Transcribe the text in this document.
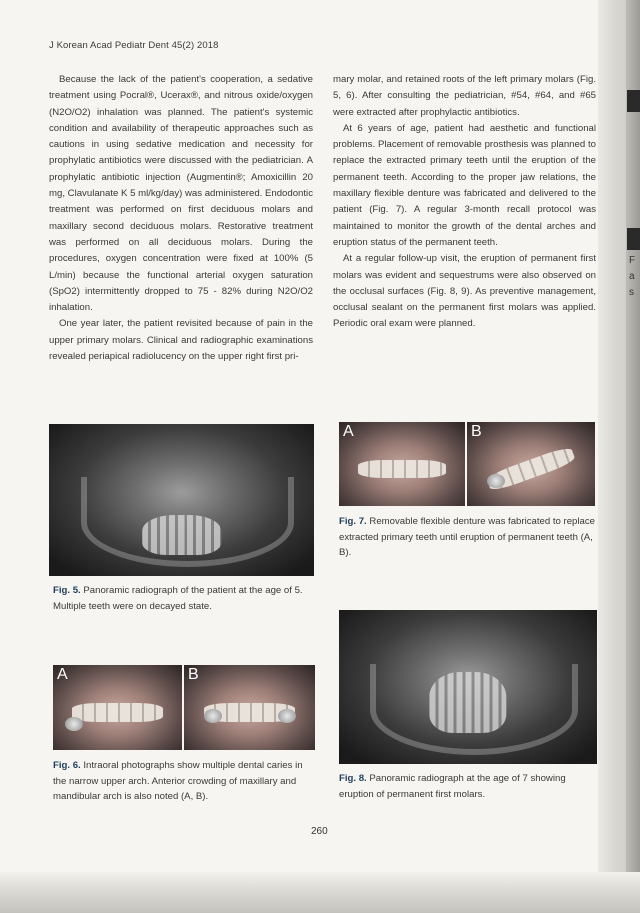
F
a
s
J Korean Acad Pediatr Dent 45(2) 2018

Because the lack of the patient's cooperation, a sedative treatment using Pocral®, Ucerax®, and nitrous oxide/oxygen (N2O/O2) inhalation was planned. The patient's systemic condition and availability of therapeutic approaches such as cautions in using sedative medication and necessity for prophylatic antibiotics were discussed with the pediatrician. A prophylatic antibiotic injection (Augmentin®; Amoxicillin 20 mg, Clavulanate K 5 ml/kg/day) was administered. Endodontic treatment was performed on first deciduous molars and maxillary second deciduous molars. Restorative treatment was performed on all deciduous molars. During the procedures, oxygen concentration were fixed at 100% (5 L/min) because the functional arterial oxygen saturation (SpO2) intermittently dropped to 75 - 82% during N2O/O2 inhalation.

One year later, the patient revisited because of pain in the upper primary molars. Clinical and radiographic examinations revealed periapical radiolucency on the upper right first pri-

mary molar, and retained roots of the left primary molars (Fig. 5, 6). After consulting the pediatrician, #54, #64, and #65 were extracted after prophylactic antibiotics.

At 6 years of age, patient had aesthetic and functional problems. Placement of removable prosthesis was planned to replace the extracted primary teeth until the eruption of the permanent teeth. According to the proper jaw relations, the maxillary flexible denture was fabricated and delivered to the patient (Fig. 7). A regular 3-month recall protocol was maintained to monitor the growth of the dental arches and eruption status of the permanent teeth.

At a regular follow-up visit, the eruption of permanent first molars was evident and sequestrums were also observed on the occlusal surfaces (Fig. 8, 9). As preventive management, occlusal sealant on the permanent first molars was applied. Periodic oral exam were planned.

Fig. 5. Panoramic radiograph of the patient at the age of 5. Multiple teeth were on decayed state.
A	B
Fig. 6. Intraoral photographs show multiple dental caries in the narrow upper arch. Anterior crowding of maxillary and mandibular arch is also noted (A, B).
A	B
Fig. 7. Removable flexible denture was fabricated to replace extracted primary teeth until eruption of permanent teeth (A, B).
Fig. 8. Panoramic radiograph at the age of 7 showing eruption of permanent first molars.
260
